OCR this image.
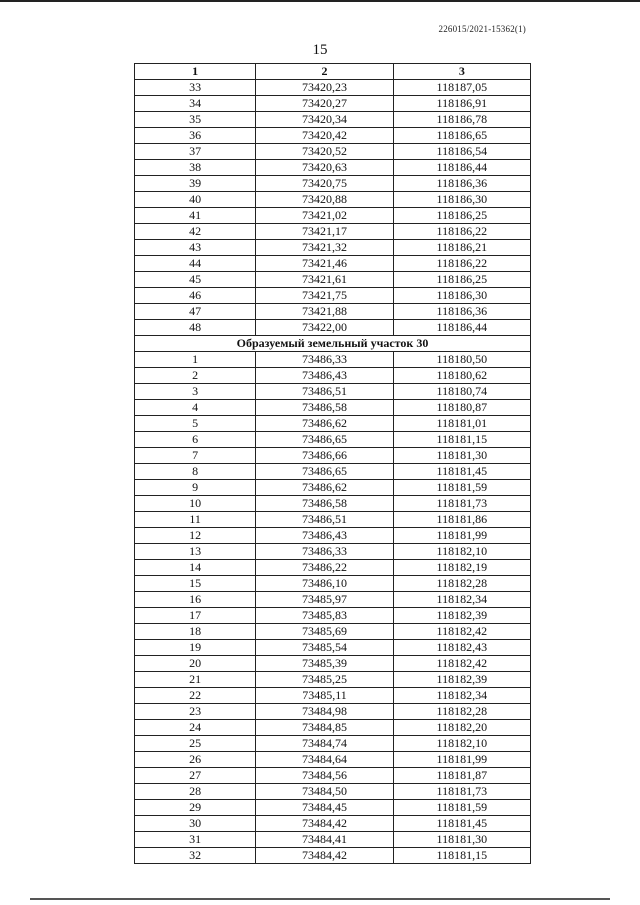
226015/2021-15362(1)
15
1	2	3
33	73420,23	118187,05
34	73420,27	118186,91
35	73420,34	118186,78
36	73420,42	118186,65
37	73420,52	118186,54
38	73420,63	118186,44
39	73420,75	118186,36
40	73420,88	118186,30
41	73421,02	118186,25
42	73421,17	118186,22
43	73421,32	118186,21
44	73421,46	118186,22
45	73421,61	118186,25
46	73421,75	118186,30
47	73421,88	118186,36
48	73422,00	118186,44
Образуемый земельный участок 30		
1	73486,33	118180,50
2	73486,43	118180,62
3	73486,51	118180,74
4	73486,58	118180,87
5	73486,62	118181,01
6	73486,65	118181,15
7	73486,66	118181,30
8	73486,65	118181,45
9	73486,62	118181,59
10	73486,58	118181,73
11	73486,51	118181,86
12	73486,43	118181,99
13	73486,33	118182,10
14	73486,22	118182,19
15	73486,10	118182,28
16	73485,97	118182,34
17	73485,83	118182,39
18	73485,69	118182,42
19	73485,54	118182,43
20	73485,39	118182,42
21	73485,25	118182,39
22	73485,11	118182,34
23	73484,98	118182,28
24	73484,85	118182,20
25	73484,74	118182,10
26	73484,64	118181,99
27	73484,56	118181,87
28	73484,50	118181,73
29	73484,45	118181,59
30	73484,42	118181,45
31	73484,41	118181,30
32	73484,42	118181,15
